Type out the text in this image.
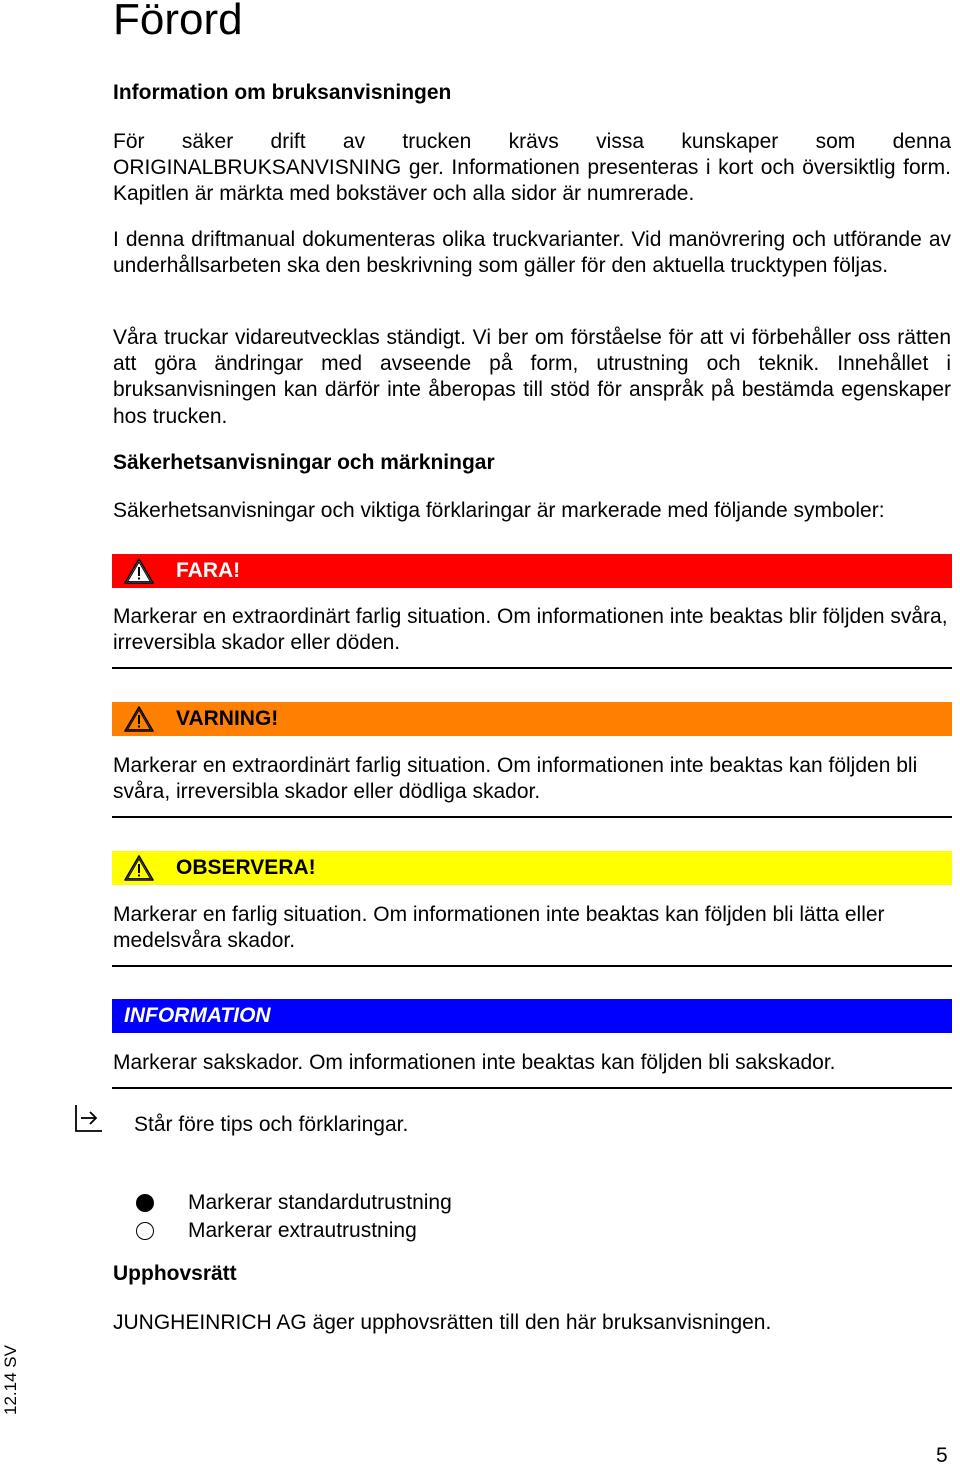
Förord
Information om bruksanvisningen

För säker drift av trucken krävs vissa kunskaper som denna ORIGINALBRUKSANVISNING ger. Informationen presenteras i kort och översiktlig form. Kapitlen är märkta med bokstäver och alla sidor är numrerade.

I denna driftmanual dokumenteras olika truckvarianter. Vid manövrering och utförande av underhållsarbeten ska den beskrivning som gäller för den aktuella trucktypen följas.

Våra truckar vidareutvecklas ständigt. Vi ber om förståelse för att vi förbehåller oss rätten att göra ändringar med avseende på form, utrustning och teknik. Innehållet i bruksanvisningen kan därför inte åberopas till stöd för anspråk på bestämda egenskaper hos trucken.

Säkerhetsanvisningar och märkningar

Säkerhetsanvisningar och viktiga förklaringar är markerade med följande symboler:

FARA!

Markerar en extraordinärt farlig situation. Om informationen inte beaktas blir följden svåra, irreversibla skador eller döden.

VARNING!

Markerar en extraordinärt farlig situation. Om informationen inte beaktas kan följden bli svåra, irreversibla skador eller dödliga skador.

OBSERVERA!

Markerar en farlig situation. Om informationen inte beaktas kan följden bli lätta eller medelsvåra skador.

INFORMATION

Markerar sakskador. Om informationen inte beaktas kan följden bli sakskador.

Står före tips och förklaringar.
Markerar standardutrustning
Markerar extrautrustning
Upphovsrätt

JUNGHEINRICH AG äger upphovsrätten till den här bruksanvisningen.

12.14 SV
5
